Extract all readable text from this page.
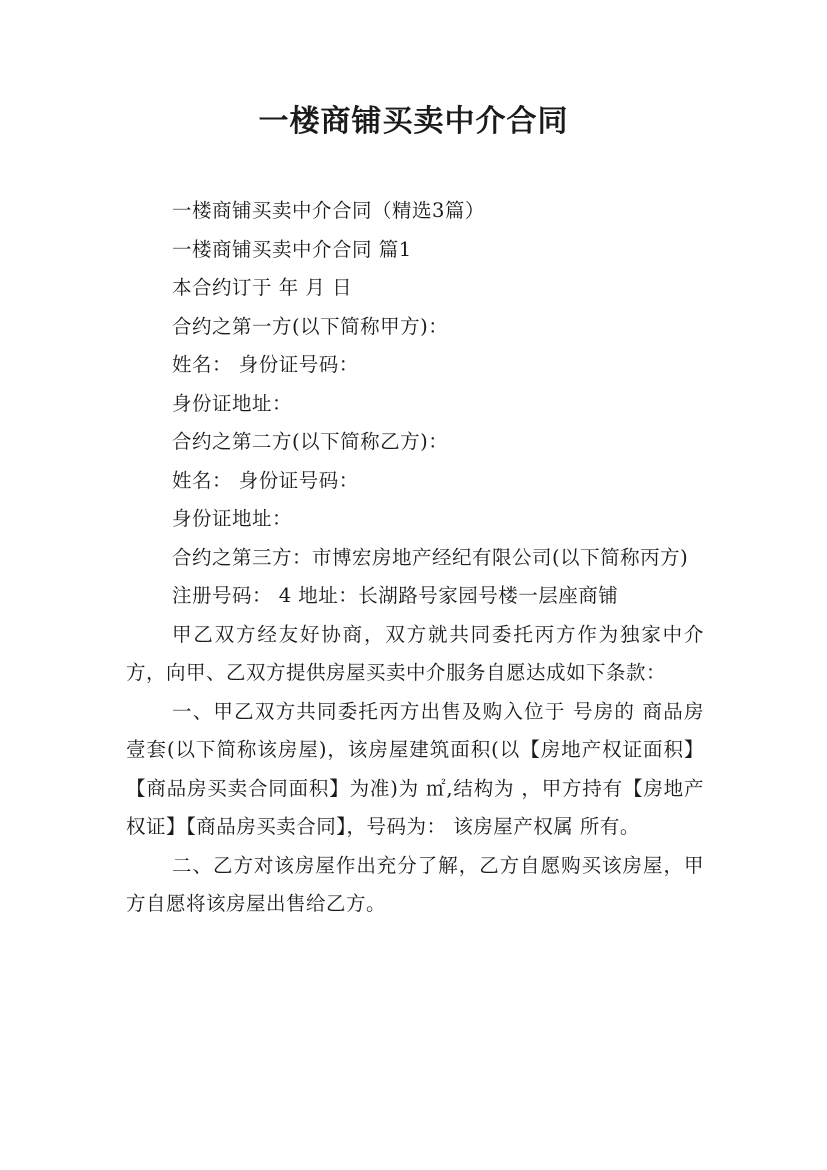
一楼商铺买卖中介合同

一楼商铺买卖中介合同（精选3篇）

一楼商铺买卖中介合同 篇1

本合约订于 年 月 日

合约之第一方(以下简称甲方)：

姓名： 身份证号码：

身份证地址：

合约之第二方(以下简称乙方)：

姓名： 身份证号码：

身份证地址：

合约之第三方：市博宏房地产经纪有限公司(以下简称丙方)

注册号码： 4 地址：长湖路号家园号楼一层座商铺

甲乙双方经友好协商，双方就共同委托丙方作为独家中介方，向甲、乙双方提供房屋买卖中介服务自愿达成如下条款：

一、甲乙双方共同委托丙方出售及购入位于 号房的 商品房 壹套(以下简称该房屋)，该房屋建筑面积(以【房地产权证面积】【商品房买卖合同面积】为准)为 ㎡,结构为 ，甲方持有【房地产权证】【商品房买卖合同】，号码为： 该房屋产权属 所有。

二、乙方对该房屋作出充分了解，乙方自愿购买该房屋，甲方自愿将该房屋出售给乙方。
